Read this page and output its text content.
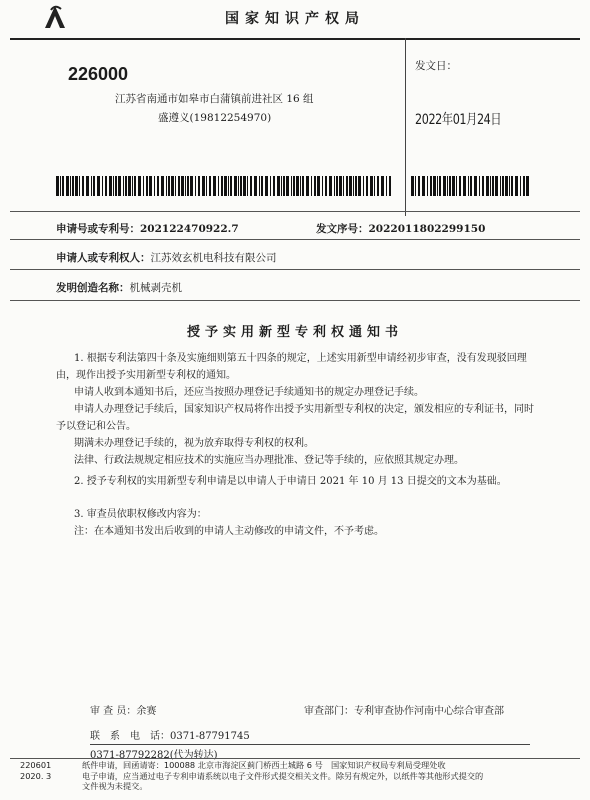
国家知识产权局
226000
江苏省南通市如皋市白蒲镇前进社区 16 组
盛遵义(19812254970)
发文日：
2022年01月24日
申请号或专利号：202122470922.7	发文序号：2022011802299150
申请人或专利权人：江苏效玄机电科技有限公司
发明创造名称：机械剥壳机
授予实用新型专利权通知书

1. 根据专利法第四十条及实施细则第五十四条的规定，上述实用新型申请经初步审查，没有发现驳回理由，现作出授予实用新型专利权的通知。

申请人收到本通知书后，还应当按照办理登记手续通知书的规定办理登记手续。

申请人办理登记手续后，国家知识产权局将作出授予实用新型专利权的决定，颁发相应的专利证书，同时予以登记和公告。

期满未办理登记手续的，视为放弃取得专利权的权利。

法律、行政法规规定相应技术的实施应当办理批准、登记等手续的，应依照其规定办理。

2. 授予专利权的实用新型专利申请是以申请人于申请日 2021 年 10 月 13 日提交的文本为基础。

3. 审查员依职权修改内容为：

注：在本通知书发出后收到的申请人主动修改的申请文件，不予考虑。

审 查 员：余赛	审查部门：专利审查协作河南中心综合审查部
联　系　电　话：0371-87791745
0371-87792282(代为转达)
220601
2020. 3
纸件申请，回函请寄：100088 北京市海淀区蓟门桥西土城路 6 号　国家知识产权局专利局受理处收
电子申请，应当通过电子专利申请系统以电子文件形式提交相关文件。除另有规定外，以纸件等其他形式提交的
文件视为未提交。
